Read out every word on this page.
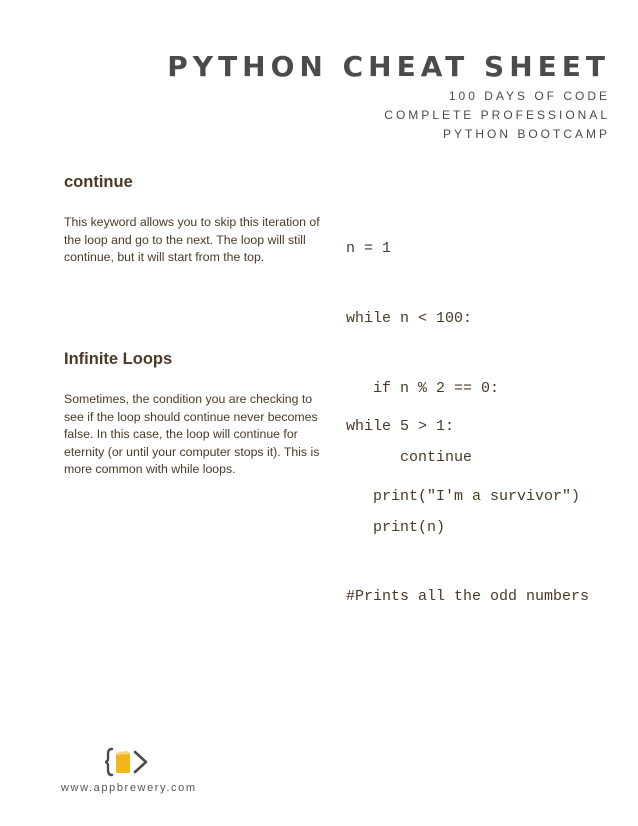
PYTHON CHEAT SHEET
100 DAYS OF CODE
COMPLETE PROFESSIONAL
PYTHON BOOTCAMP
continue

This keyword allows you to skip this iteration of the loop and go to the next. The loop will still continue, but it will start from the top.

	n = 1

while n < 100:

if n % 2 == 0:

continue

print(n)

#Prints all the odd numbers

Infinite Loops

Sometimes, the condition you are checking to see if the loop should continue never becomes false. In this case, the loop will continue for eternity (or until your computer stops it). This is more common with while loops.

while 5 > 1:

print("I'm a survivor")

www.appbrewery.com
